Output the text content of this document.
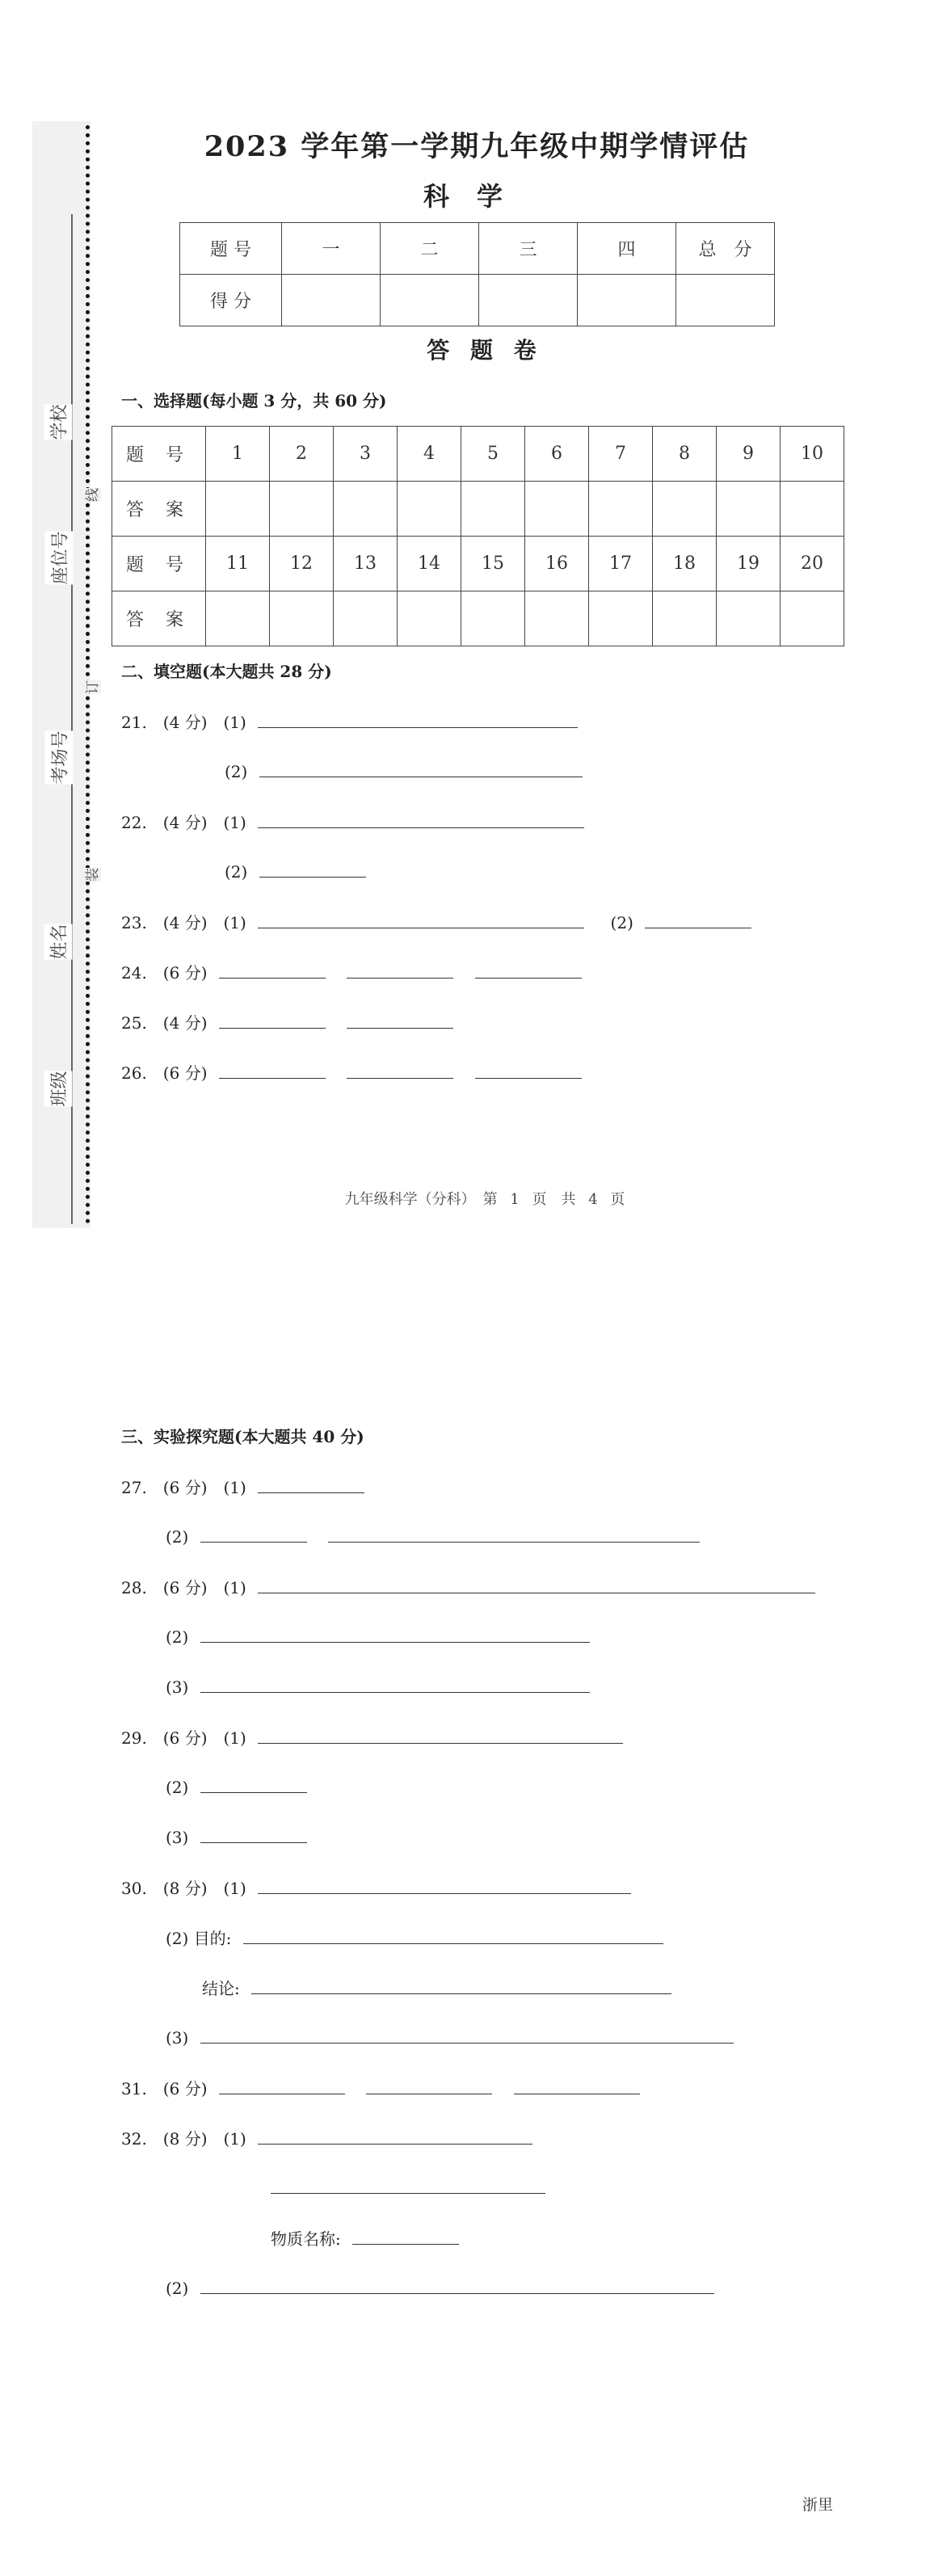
学校
座位号
考场号
姓名
班级
线
订
装
2023 学年第一学期九年级中期学情评估
科学
题 号	一	二	三	四	总　分
得 分					
答 题 卷
一、选择题(每小题 3 分，共 60 分)
题 号	1	2	3	4	5	6	7	8	9	10
答 案										
题 号	11	12	13	14	15	16	17	18	19	20
答 案										
二、填空题(本大题共 28 分)
21.　(4 分)　(1)
(2)
22.　(4 分)　(1)
(2)
23.　(4 分)　(1)	(2)
24.　(6 分)
25.　(4 分)
26.　(6 分)
九年级科学（分科）　第 1 页　共 4 页
三、实验探究题(本大题共 40 分)
27.　(6 分)　(1)
(2)
28.　(6 分)　(1)
(2)
(3)
29.　(6 分)　(1)
(2)
(3)
30.　(8 分)　(1)
(2) 目的:
结论:
(3)
31.　(6 分)
32.　(8 分)　(1)
物质名称:
(2)
浙里
